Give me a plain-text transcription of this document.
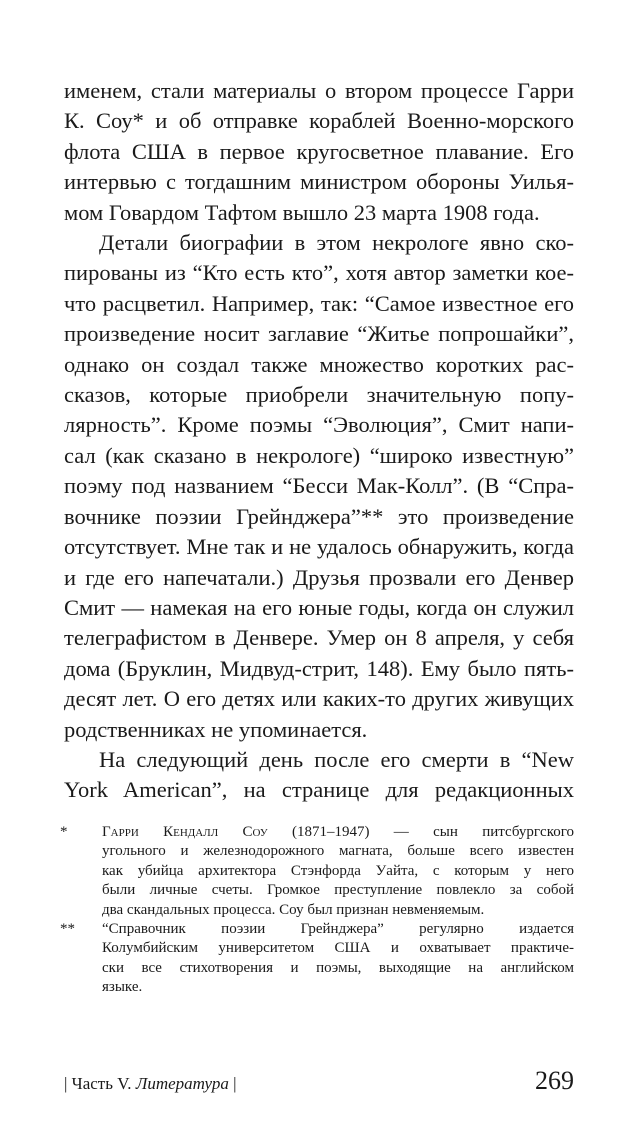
именем, стали материалы о втором процессе Гарри
К. Соу* и об отправке кораблей Военно-морского
флота США в первое кругосветное плавание. Его
интервью с тогдашним министром обороны Уилья-
мом Говардом Тафтом вышло 23 марта 1908 года.
Детали биографии в этом некрологе явно ско-
пированы из “Кто есть кто”, хотя автор заметки кое-
что расцветил. Например, так: “Самое известное его
произведение носит заглавие “Житье попрошайки”,
однако он создал также множество коротких рас-
сказов, которые приобрели значительную попу-
лярность”. Кроме поэмы “Эволюция”, Смит напи-
сал (как сказано в некрологе) “широко известную”
поэму под названием “Бесси Мак-Колл”. (В “Спра-
вочнике поэзии Грейнджера”** это произведение
отсутствует. Мне так и не удалось обнаружить, когда
и где его напечатали.) Друзья прозвали его Денвер
Смит — намекая на его юные годы, когда он служил
телеграфистом в Денвере. Умер он 8 апреля, у себя
дома (Бруклин, Мидвуд-стрит, 148). Ему было пять-
десят лет. О его детях или каких-то других живущих
родственниках не упоминается.
На следующий день после его смерти в “New
York American”, на странице для редакционных
*	Гарри Кендалл Соу (1871–1947) — сын питсбургского
угольного и железнодорожного магната, больше всего известен
как убийца архитектора Стэнфорда Уайта, с которым у него
были личные счеты. Громкое преступление повлекло за собой
два скандальных процесса. Соу был признан невменяемым.
**	“Справочник поэзии Грейнджера” регулярно издается
Колумбийским университетом США и охватывает практиче-
ски все стихотворения и поэмы, выходящие на английском
языке.
| Часть V. Литература |	269
